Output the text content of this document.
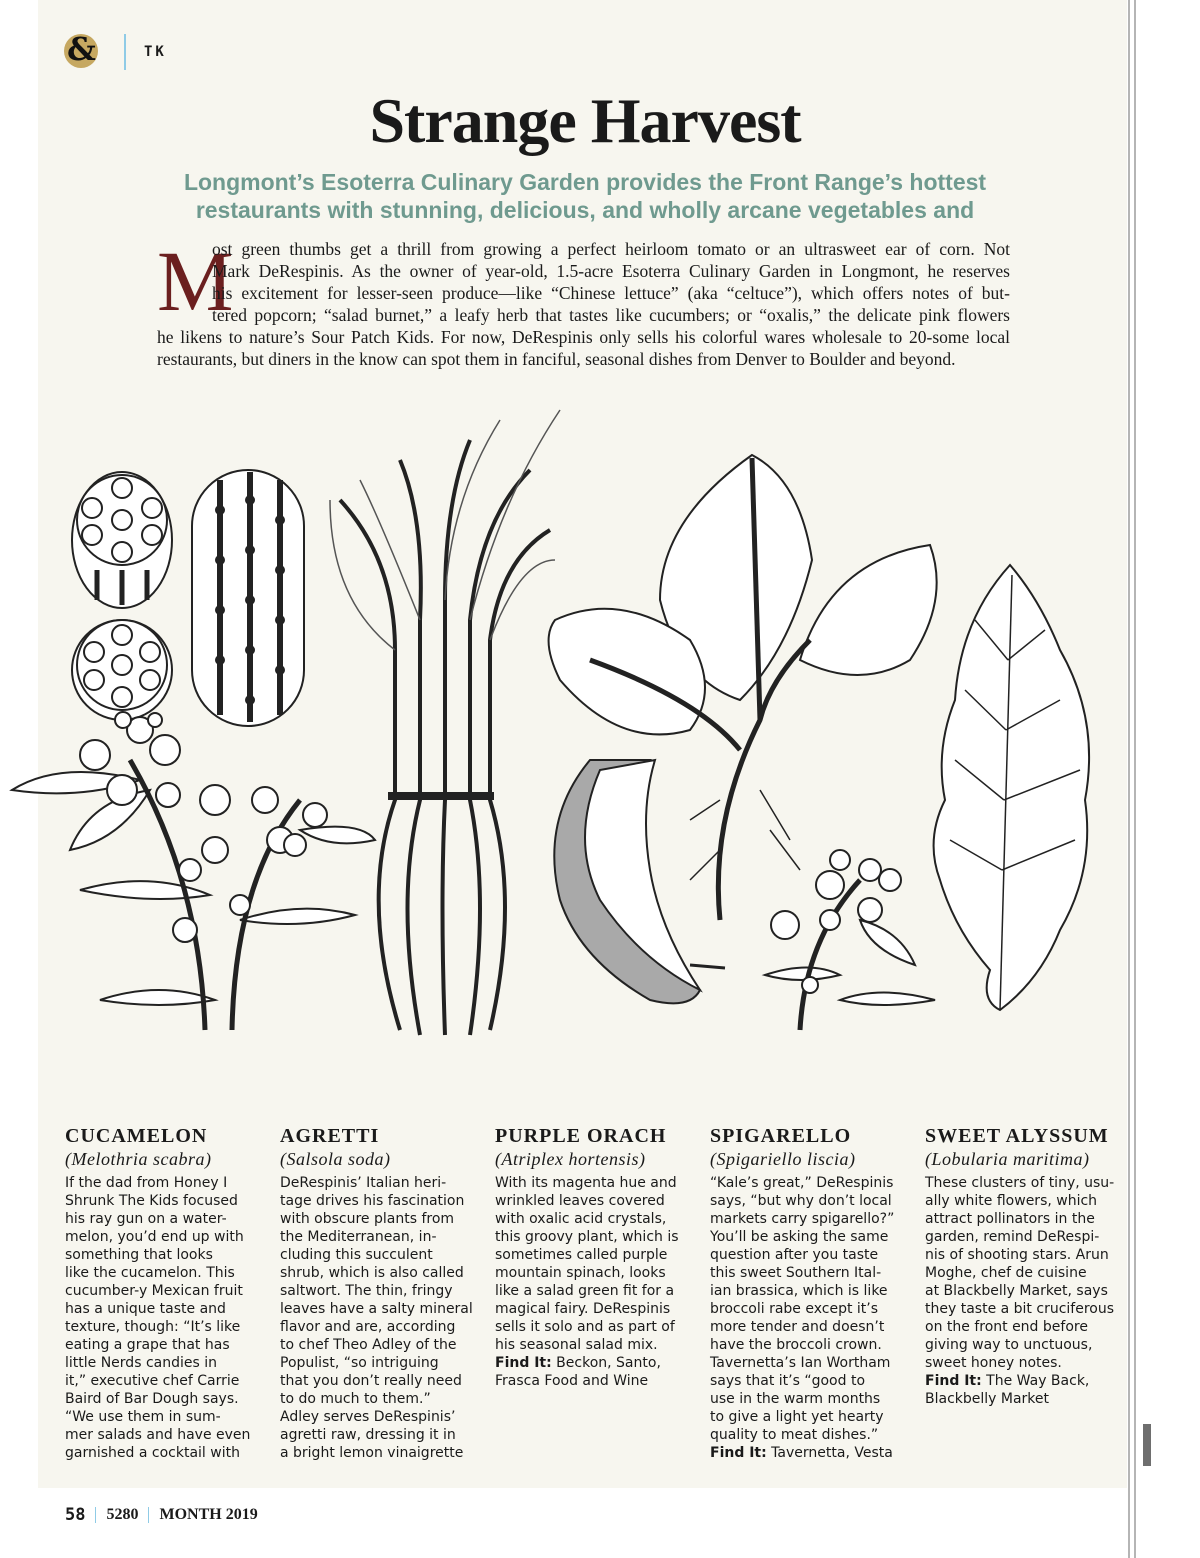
&	TK
Strange Harvest
Longmont’s Esoterra Culinary Garden provides the Front Range’s hottest
restaurants with stunning, delicious, and wholly arcane vegetables and
M
ost green thumbs get a thrill from growing a perfect heirloom tomato or an ultrasweet ear of corn. Not
Mark DeRespinis. As the owner of year-old, 1.5-acre Esoterra Culinary Garden in Longmont, he reserves
his excitement for lesser-seen produce—like “Chinese lettuce” (aka “celtuce”), which offers notes of but-
tered popcorn; “salad burnet,” a leafy herb that tastes like cucumbers; or “oxalis,” the delicate pink flowers
he likens to nature’s Sour Patch Kids. For now, DeRespinis only sells his colorful wares wholesale to 20-some local
restaurants, but diners in the know can spot them in fanciful, seasonal dishes from Denver to Boulder and beyond.
CUCAMELON
(Melothria scabra)
If the dad from Honey I
Shrunk The Kids focused
his ray gun on a water-
melon, you’d end up with
something that looks
like the cucamelon. This
cucumber-y Mexican fruit
has a unique taste and
texture, though: “It’s like
eating a grape that has
little Nerds candies in
it,” executive chef Carrie
Baird of Bar Dough says.
“We use them in sum-
mer salads and have even
garnished a cocktail with
AGRETTI
(Salsola soda)
DeRespinis’ Italian heri-
tage drives his fascination
with obscure plants from
the Mediterranean, in-
cluding this succulent
shrub, which is also called
saltwort. The thin, fringy
leaves have a salty mineral
flavor and are, according
to chef Theo Adley of the
Populist, “so intriguing
that you don’t really need
to do much to them.”
Adley serves DeRespinis’
agretti raw, dressing it in
a bright lemon vinaigrette
PURPLE ORACH
(Atriplex hortensis)
With its magenta hue and
wrinkled leaves covered
with oxalic acid crystals,
this groovy plant, which is
sometimes called purple
mountain spinach, looks
like a salad green fit for a
magical fairy. DeRespinis
sells it solo and as part of
his seasonal salad mix.
Find It: Beckon, Santo,
Frasca Food and Wine
SPIGARELLO
(Spigariello liscia)
“Kale’s great,” DeRespinis
says, “but why don’t local
markets carry spigarello?”
You’ll be asking the same
question after you taste
this sweet Southern Ital-
ian brassica, which is like
broccoli rabe except it’s
more tender and doesn’t
have the broccoli crown.
Tavernetta’s Ian Wortham
says that it’s “good to
use in the warm months
to give a light yet hearty
quality to meat dishes.”
Find It: Tavernetta, Vesta
SWEET ALYSSUM
(Lobularia maritima)
These clusters of tiny, usu-
ally white flowers, which
attract pollinators in the
garden, remind DeRespi-
nis of shooting stars. Arun
Moghe, chef de cuisine
at Blackbelly Market, says
they taste a bit cruciferous
on the front end before
giving way to unctuous,
sweet honey notes.
Find It: The Way Back,
Blackbelly Market
58 5280 MONTH 2019
